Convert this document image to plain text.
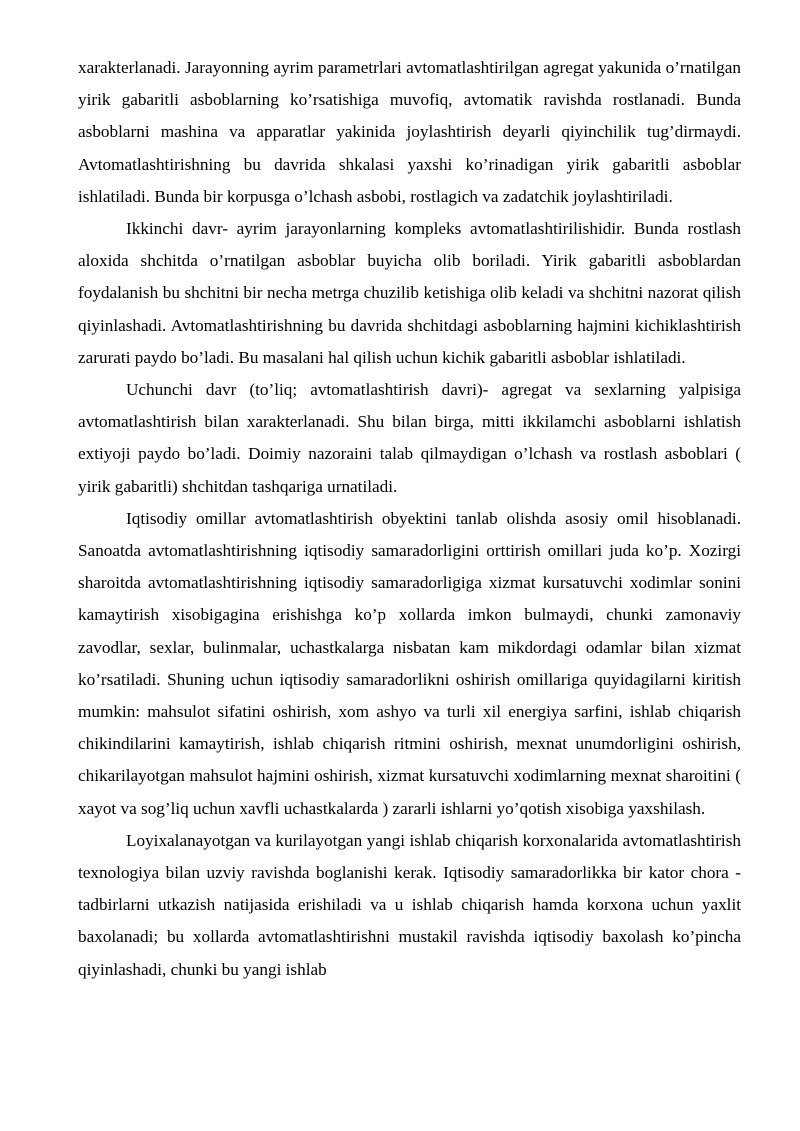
xarakterlanadi. Jarayonning ayrim parametrlari avtomatlashtirilgan agregat yakunida o’rnatilgan yirik gabaritli asboblarning ko’rsatishiga muvofiq, avtomatik ravishda rostlanadi. Bunda asboblarni mashina va apparatlar yakinida joylashtirish deyarli qiyinchilik tug’dirmaydi. Avtomatlashtirishning bu davrida shkalasi yaxshi ko’rinadigan yirik gabaritli asboblar ishlatiladi. Bunda bir korpusga o’lchash asbobi, rostlagich va zadatchik joylashtiriladi.

Ikkinchi davr- ayrim jarayonlarning kompleks avtomatlashtirilishidir. Bunda rostlash aloxida shchitda o’rnatilgan asboblar buyicha olib boriladi. Yirik gabaritli asboblardan foydalanish bu shchitni bir necha metrga chuzilib ketishiga olib keladi va shchitni nazorat qilish qiyinlashadi. Avtomatlashtirishning bu davrida shchitdagi asboblarning hajmini kichiklashtirish zarurati paydo bo’ladi. Bu masalani hal qilish uchun kichik gabaritli asboblar ishlatiladi.

Uchunchi davr (to’liq; avtomatlashtirish davri)- agregat va sexlarning yalpisiga avtomatlashtirish bilan xarakterlanadi. Shu bilan birga, mitti ikkilamchi asboblarni ishlatish extiyoji paydo bo’ladi. Doimiy nazoraini talab qilmaydigan o’lchash va rostlash asboblari ( yirik gabaritli) shchitdan tashqariga urnatiladi.

Iqtisodiy omillar avtomatlashtirish obyektini tanlab olishda asosiy omil hisoblanadi. Sanoatda avtomatlashtirishning iqtisodiy samaradorligini orttirish omillari juda ko’p. Xozirgi sharoitda avtomatlashtirishning iqtisodiy samaradorligiga xizmat kursatuvchi xodimlar sonini kamaytirish xisobigagina erishishga ko’p xollarda imkon bulmaydi, chunki zamonaviy zavodlar, sexlar, bulinmalar, uchastkalarga nisbatan kam mikdordagi odamlar bilan xizmat ko’rsatiladi. Shuning uchun iqtisodiy samaradorlikni oshirish omillariga quyidagilarni kiritish mumkin: mahsulot sifatini oshirish, xom ashyo va turli xil energiya sarfini, ishlab chiqarish chikindilarini kamaytirish, ishlab chiqarish ritmini oshirish, mexnat unumdorligini oshirish, chikarilayotgan mahsulot hajmini oshirish, xizmat kursatuvchi xodimlarning mexnat sharoitini ( xayot va sog’liq uchun xavfli uchastkalarda ) zararli ishlarni yo’qotish xisobiga yaxshilash.

Loyixalanayotgan va kurilayotgan yangi ishlab chiqarish korxonalarida avtomatlashtirish texnologiya bilan uzviy ravishda boglanishi kerak. Iqtisodiy samaradorlikka bir kator chora - tadbirlarni utkazish natijasida erishiladi va u ishlab chiqarish hamda korxona uchun yaxlit baxolanadi; bu xollarda avtomatlashtirishni mustakil ravishda iqtisodiy baxolash ko’pincha qiyinlashadi, chunki bu yangi ishlab
